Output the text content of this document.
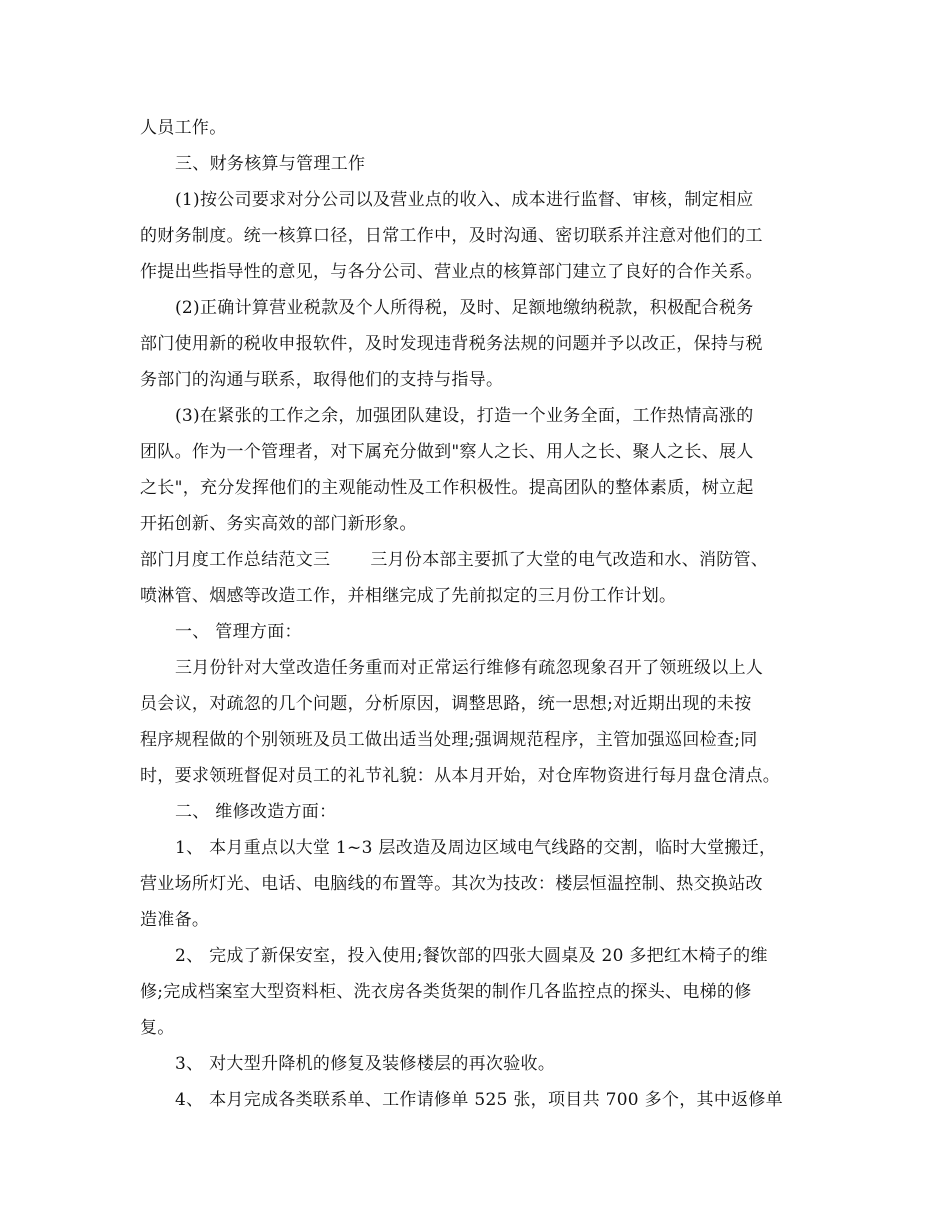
人员工作。
三、财务核算与管理工作
(1)按公司要求对分公司以及营业点的收入、成本进行监督、审核，制定相应
的财务制度。统一核算口径，日常工作中，及时沟通、密切联系并注意对他们的工
作提出些指导性的意见，与各分公司、营业点的核算部门建立了良好的合作关系。
(2)正确计算营业税款及个人所得税，及时、足额地缴纳税款，积极配合税务
部门使用新的税收申报软件，及时发现违背税务法规的问题并予以改正，保持与税
务部门的沟通与联系，取得他们的支持与指导。
(3)在紧张的工作之余，加强团队建设，打造一个业务全面，工作热情高涨的
团队。作为一个管理者，对下属充分做到"察人之长、用人之长、聚人之长、展人
之长"，充分发挥他们的主观能动性及工作积极性。提高团队的整体素质，树立起
开拓创新、务实高效的部门新形象。
部门月度工作总结范文三 三月份本部主要抓了大堂的电气改造和水、消防管、
喷淋管、烟感等改造工作，并相继完成了先前拟定的三月份工作计划。
一、 管理方面：
三月份针对大堂改造任务重而对正常运行维修有疏忽现象召开了领班级以上人
员会议，对疏忽的几个问题，分析原因，调整思路，统一思想;对近期出现的未按
程序规程做的个别领班及员工做出适当处理;强调规范程序，主管加强巡回检查;同
时，要求领班督促对员工的礼节礼貌：从本月开始，对仓库物资进行每月盘仓清点。
二、 维修改造方面：
1、 本月重点以大堂 1~3 层改造及周边区域电气线路的交割，临时大堂搬迁，
营业场所灯光、电话、电脑线的布置等。其次为技改：楼层恒温控制、热交换站改
造准备。
2、 完成了新保安室，投入使用;餐饮部的四张大圆桌及 20 多把红木椅子的维
修;完成档案室大型资料柜、洗衣房各类货架的制作几各监控点的探头、电梯的修
复。
3、 对大型升降机的修复及装修楼层的再次验收。
4、 本月完成各类联系单、工作请修单 525 张，项目共 700 多个，其中返修单
